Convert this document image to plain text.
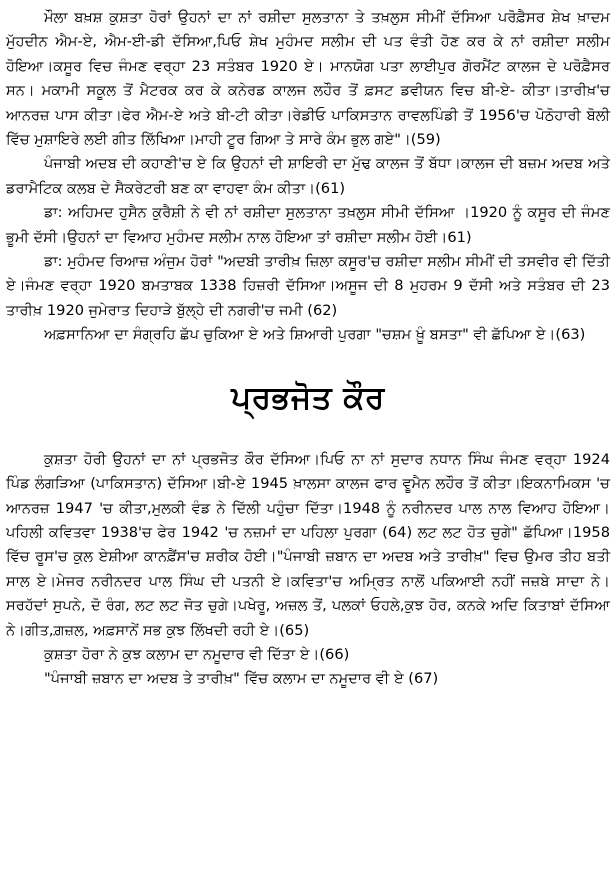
ਮੌਲਾ ਬਖ਼ਸ਼ ਕੁਸ਼ਤਾ ਹੋਰਾਂ ਉਹਨਾਂ ਦਾ ਨਾਂ ਰਸ਼ੀਦਾ ਸੁਲਤਾਨਾ ਤੇ ਤਖ਼ਲੁਸ ਸੀਮੀਂ ਦੱਸਿਆ ਪਰੋਫ਼ੈਸਰ ਸ਼ੇਖ ਖ਼ਾਦਮ ਮੁੱਹਦੀਨ ਐਮ-ਏ, ਐਮ-ਈ-ਡੀ ਦੱਸਿਆ,ਪਿਓ ਸ਼ੇਖ ਮੁਹੰਮਦ ਸਲੀਮ ਦੀ ਪਤ ਵੰਤੀ ਹੋਣ ਕਰ ਕੇ ਨਾਂ ਰਸ਼ੀਦਾ ਸਲੀਮ ਹੋਇਆ।ਕਸੂਰ ਵਿਚ ਜੰਮਣ ਵਰ੍ਹਾ 23 ਸਤੰਬਰ 1920 ਏ। ਮਾਨਯੋਗ ਪਤਾ ਲਾਈਪੁਰ ਗੋਰਮੈਂਟ ਕਾਲਜ ਦੇ ਪਰੋਫ਼ੈਸਰ ਸਨ। ਮਕਾਮੀ ਸਕੂਲ ਤੋਂ ਮੈਟਰਕ ਕਰ ਕੇ ਕਨੇਰਡ ਕਾਲਜ ਲਹੌਰ ਤੋਂ ਫ਼ਸਟ ਡਵੀਯਨ ਵਿਚ ਬੀ-ਏ- ਕੀਤਾ।ਤਾਰੀਖ਼'ਚ ਆਨਰਜ਼ ਪਾਸ ਕੀਤਾ।ਫੇਰ ਐਮ-ਏ ਅਤੇ ਬੀ-ਟੀ ਕੀਤਾ।ਰੇਡੀਓ ਪਾਕਿਸਤਾਨ ਰਾਵਲਪਿੰਡੀ ਤੋਂ 1956'ਚ ਪੋਠੋਹਾਰੀ ਬੋਲੀ ਵਿੱਚ ਮੁਸ਼ਾਇਰੇ ਲਈ ਗੀਤ ਲਿੱਖਿਆ।ਮਾਹੀ ਟੂਰ ਗਿਆ ਤੇ ਸਾਰੇ ਕੰਮ ਭੁਲ ਗਏ"।(59)

ਪੰਜਾਬੀ ਅਦਬ ਦੀ ਕਹਾਣੀ'ਚ ਏ ਕਿ ਉਹਨਾਂ ਦੀ ਸ਼ਾਇਰੀ ਦਾ ਮੁੱਢ ਕਾਲਜ ਤੋਂ ਬੱਧਾ।ਕਾਲਜ ਦੀ ਬਜ਼ਮ ਅਦਬ ਅਤੇ ਡਰਾਮੈਟਿਕ ਕਲਬ ਦੇ ਸੈਕਰੇਟਰੀ ਬਣ ਕਾ ਵਾਹਵਾ ਕੰਮ ਕੀਤਾ।(61)

ਡਾ: ਅਹਿਮਦ ਹੁਸੈਨ ਕੁਰੈਸ਼ੀ ਨੇ ਵੀ ਨਾਂ ਰਸ਼ੀਦਾ ਸੁਲਤਾਨਾ ਤਖ਼ਲੁਸ ਸੀਮੀ ਦੱਸਿਆ ।1920 ਨੂੰ ਕਸੂਰ ਦੀ ਜੰਮਣ ਭੂਮੀ ਦੱਸੀ।ਉਹਨਾਂ ਦਾ ਵਿਆਹ ਮੁਹੰਮਦ ਸਲੀਮ ਨਾਲ ਹੋਇਆ ਤਾਂ ਰਸ਼ੀਦਾ ਸਲੀਮ ਹੋਈ।61)

ਡਾ: ਮੁਹੰਮਦ ਰਿਆਜ਼ ਅੰਜੁਮ ਹੋਰਾਂ "ਅਦਬੀ ਤਾਰੀਖ਼ ਜ਼ਿਲਾ ਕਸੂਰ'ਚ ਰਸ਼ੀਦਾ ਸਲੀਮ ਸੀਮੀਂ ਦੀ ਤਸਵੀਰ ਵੀ ਦਿੱਤੀ ਏ।ਜੰਮਣ ਵਰ੍ਹਾ 1920 ਬਮਤਾਬਕ 1338 ਹਿਜ਼ਰੀ ਦੱਸਿਆ।ਅਸੂਜ ਦੀ 8 ਮੁਹਰਮ 9 ਦੱਸੀ ਅਤੇ ਸਤੰਬਰ ਦੀ 23 ਤਾਰੀਖ਼ 1920 ਜੁਮੇਰਾਤ ਦਿਹਾੜੇ ਬੁੱਲ੍ਹੇ ਦੀ ਨਗਰੀ'ਚ ਜਮੀ (62)

ਅਫ਼ਸਾਨਿਆ ਦਾ ਸੰਗ੍ਰਹਿ ਛੱਪ ਚੁਕਿਆ ਏ ਅਤੇ ਸ਼ਿਆਰੀ ਪੁਰਗਾ "ਚਸ਼ਮ ਖ਼ੂੰ ਬਸਤਾ" ਵੀ ਛੱਪਿਆ ਏ।(63)

ਪ੍ਰਭਜੋਤ ਕੌਰ

ਕੁਸ਼ਤਾ ਹੋਰੀ ਉਹਨਾਂ ਦਾ ਨਾਂ ਪ੍ਰਭਜੋਤ ਕੌਰ ਦੱਸਿਆ।ਪਿਓ ਨਾ ਨਾਂ ਸੁਦਾਰ ਨਧਾਨ ਸਿੰਘ ਜੰਮਣ ਵਰ੍ਹਾ 1924 ਪਿੰਡ ਲੰਗੜਿਆ (ਪਾਕਿਸਤਾਨ) ਦੱਸਿਆ।ਬੀ-ਏ 1945 ਖ਼ਾਲਸਾ ਕਾਲਜ ਫਾਰ ਵੂਮੈਨ ਲਹੌਰ ਤੋਂ ਕੀਤਾ।ਇਕਨਾਮਿਕਸ 'ਚ ਆਨਰਜ਼ 1947 'ਚ ਕੀਤਾ,ਮੁਲਕੀ ਵੰਡ ਨੇ ਦਿੱਲੀ ਪਹੁੰਚਾ ਦਿੱਤਾ।1948 ਨੂੰ ਨਰੀਨਦਰ ਪਾਲ ਨਾਲ ਵਿਆਹ ਹੋਇਆ।ਪਹਿਲੀ ਕਵਿਤਵਾ 1938'ਚ ਫੇਰ 1942 'ਚ ਨਜ਼ਮਾਂ ਦਾ ਪਹਿਲਾ ਪੁਰਗਾ (64) ਲਟ ਲਟ ਹੋਤ ਚੁਗੇ" ਛੱਪਿਆ।1958 ਵਿੱਚ ਰੂਸ'ਚ ਕੁਲ ਏਸ਼ੀਆ ਕਾਨਫ਼ੈਂਸ'ਚ ਸ਼ਰੀਕ ਹੋਈ।"ਪੰਜਾਬੀ ਜ਼ਬਾਨ ਦਾ ਅਦਬ ਅਤੇ ਤਾਰੀਖ਼" ਵਿਚ ਉਮਰ ਤੀਹ ਬਤੀ ਸਾਲ ਏ।ਮੇਜਰ ਨਰੀਨਦਰ ਪਾਲ ਸਿੰਘ ਦੀ ਪਤਨੀ ਏ।ਕਵਿਤਾ'ਚ ਅਮ੍ਰਿਤ ਨਾਲੋਂ ਪਕਿਆਈ ਨਹੀਂ ਜਜ਼ਬੇ ਸਾਦਾ ਨੇ।ਸਰਹੱਦਾਂ ਸੁਪਨੇ, ਦੋ ਰੰਗ, ਲਟ ਲਟ ਜੋਤ ਚੁਗੇ।ਪਖੇਰੂ, ਅਜ਼ਲ ਤੋਂ, ਪਲਕਾਂ ਓਹਲੇ,ਕੁਝ ਹੋਰ, ਕਨਕੇ ਅਦਿ ਕਿਤਾਬਾਂ ਦੱਸਿਆ ਨੇ।ਗੀਤ,ਗ਼ਜ਼ਲ, ਅਫ਼ਸਾਨੇਂ ਸਭ ਕੁਝ ਲਿੱਖਦੀ ਰਹੀ ਏ।(65)

ਕੁਸ਼ਤਾ ਹੋਰਾ ਨੇ ਕੁਝ ਕਲਾਮ ਦਾ ਨਮੂਦਾਰ ਵੀ ਦਿੱਤਾ ਏ।(66)

"ਪੰਜਾਬੀ ਜ਼ਬਾਨ ਦਾ ਅਦਬ ਤੇ ਤਾਰੀਖ਼" ਵਿੱਚ ਕਲਾਮ ਦਾ ਨਮੂਦਾਰ ਵੀ ਏ (67)
